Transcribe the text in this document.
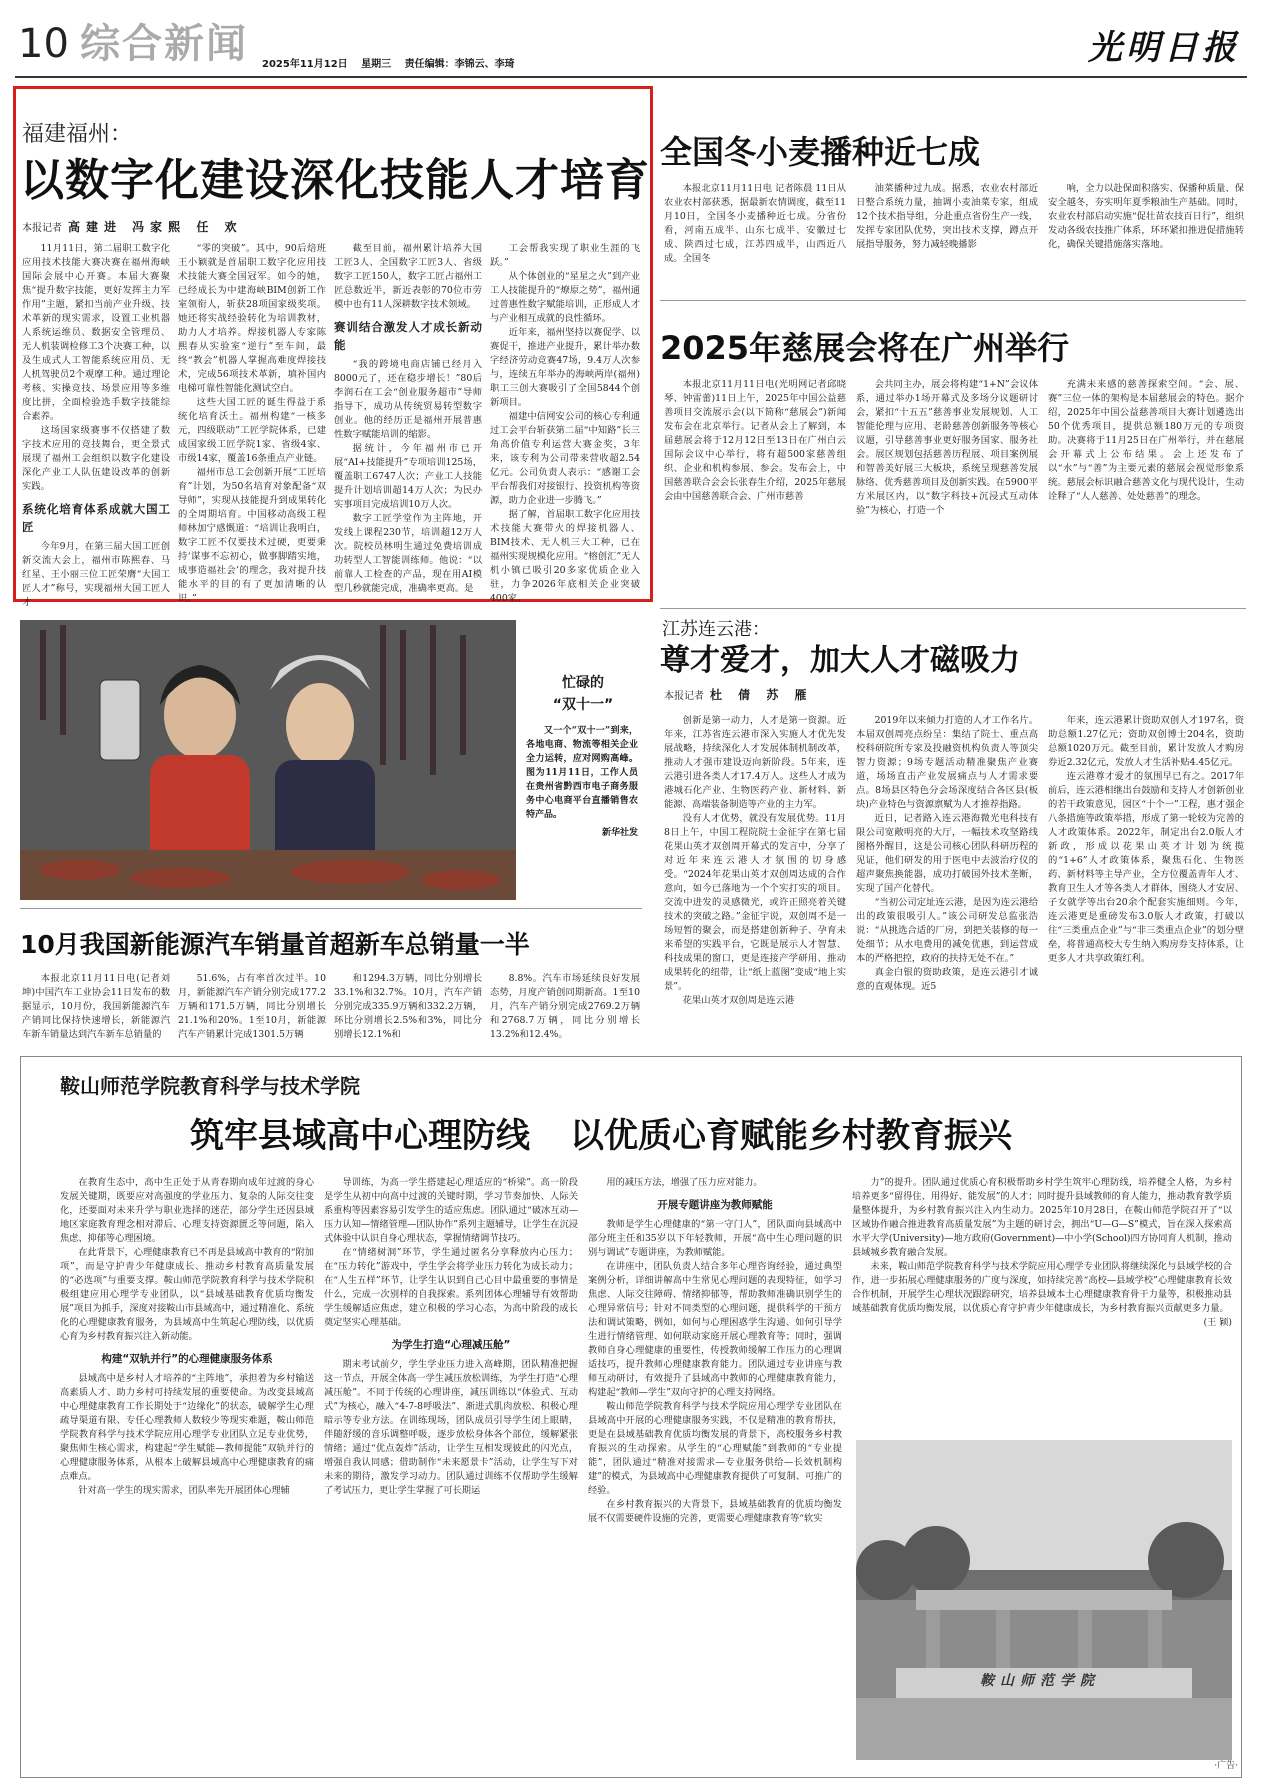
10 综合新闻 2025年11月12日 星期三 责任编辑：李锦云、李琦	光明日报
福建福州：
以数字化建设深化技能人才培育
本报记者 高建进 冯家熙 任 欢

11月11日，第二届职工数字化应用技术技能大赛决赛在福州海峡国际会展中心开赛。本届大赛聚焦“提升数字技能，更好发挥主力军作用”主题，紧扣当前产业升级、技术革新的现实需求，设置工业机器人系统运维员、数据安全管理员、无人机装调检修工3个决赛工种，以及生成式人工智能系统应用员、无人机驾驶员2个观摩工种。通过理论考核、实操竞技、场景应用等多维度比拼，全面检验选手数字技能综合素养。

这场国家级赛事不仅搭建了数字技术应用的竞技舞台，更全景式展现了福州工会组织以数字化建设深化产业工人队伍建设改革的创新实践。

系统化培育体系成就大国工匠

今年9月，在第三届大国工匠创新交流大会上，福州市陈熙春、马红星、王小丽三位工匠荣膺“大国工匠人才”称号，实现福州大国工匠人才

“零的突破”。其中，90后焙班王小颖就是首届职工数字化应用技术技能大赛全国冠军。如今的她，已经成长为中建海峡BIM创新工作室领衔人，斩获28项国家级奖项。她还将实战经验转化为培训教材，助力人才培养。焊接机器人专家陈熙春从实验室“逆行”至车间，最终“教会”机器人掌握高难度焊接技术，完成56项技术革新，填补国内电梯可靠性智能化测试空白。

这些大国工匠的诞生得益于系统化培育沃土。福州构建“一核多元，四级联动”工匠学院体系，已建成国家级工匠学院1家、省级4家、市级14家，覆盖16条重点产业链。

福州市总工会创新开展“工匠培育”计划，为50名培育对象配备“双导师”，实现从技能提升到成果转化的全周期培育。中国移动高级工程师林加宁感慨道：“培训让我明白，数字工匠不仅要技术过硬，更要秉持‘谋事不忘初心，做事脚踏实地，成事造福社会’的理念，我对提升技能水平的目的有了更加清晰的认识。”

截至目前，福州累计培养大国工匠3人、全国数字工匠3人、省级数字工匠150人，数字工匠占福州工匠总数近半，新近表彰的70位市劳模中也有11人深耕数字技术领域。

赛训结合激发人才成长新动能

“我的跨境电商店铺已经月入8000元了，还在稳步增长！”80后李润石在工会“创业服务超市”导师指导下，成功从传统贸易转型数字创业。他的经历正是福州开展普惠性数字赋能培训的缩影。

据统计，今年福州市已开展“AI+技能提升”专项培训125场，覆盖职工6747人次；产业工人技能提升计划培训超14万人次；为民办实事项目完成培训10万人次。

数字工匠学堂作为主阵地，开发线上课程230节，培训超12万人次。院校员林明生通过免费培训成功转型人工智能训练师。他说：“以前靠人工检查的产品，现在用AI模型几秒就能完成，准确率更高。是

工会帮我实现了职业生涯的飞跃。”

从个体创业的“星星之火”到产业工人技能提升的“燎原之势”，福州通过普惠性数字赋能培训，正形成人才与产业相互成就的良性循环。

近年来，福州坚持以赛促学、以赛促干，推进产业提升，累计举办数字经济劳动竞赛47场，9.4万人次参与，连续五年举办的海峡两岸(福州)职工三创大赛吸引了全国5844个创新项目。

福建中信网安公司的核心专利通过工会平台斩获第二届“中知路”长三角高价值专利运营大赛金奖，3年来，该专利为公司带来营收超2.54亿元。公司负责人表示：“感谢工会平台帮我们对接银行、投资机构等资源，助力企业进一步腾飞。”

据了解，首届职工数字化应用技术技能大赛带火的焊接机器人、BIM技术、无人机三大工种，已在福州实现规模化应用。“榕创汇”无人机小镇已吸引20多家优质企业入驻，力争2026年底相关企业突破400家。

全国冬小麦播种近七成

本报北京11月11日电 记者陈晨 11日从农业农村部获悉，据最新农情调度，截至11月10日，全国冬小麦播种近七成。分省份看，河南五成半、山东七成半、安徽过七成、陕西过七成，江苏四成半，山西近八成。全国冬

油菜播种过九成。据悉，农业农村部近日整合系统力量，抽调小麦油菜专家，组成12个技术指导组，分赴重点省份生产一线，发挥专家团队优势，突出技术支撑，蹲点开展指导服务，努力减轻晚播影

响，全力以赴保面积落实、保播种质量、保安全越冬，夯实明年夏季粮油生产基础。同时，农业农村部启动实施“促壮苗农技百日行”，组织发动各级农技推广体系，环环紧扣推进促措施转化，确保关键措施落实落地。

2025年慈展会将在广州举行

本报北京11月11日电(光明网记者邱晓琴、钟雷蕾)11日上午，2025年中国公益慈善项目交流展示会(以下简称“慈展会”)新闻发布会在北京举行。记者从会上了解到，本届慈展会将于12月12日至13日在广州白云国际会议中心举行，将有超500家慈善组织、企业和机构参展、参会。发布会上，中国慈善联合会会长张春生介绍，2025年慈展会由中国慈善联合会、广州市慈善

会共同主办，展会将构建“1+N”会议体系，通过举办1场开幕式及多场分议题研讨会，紧扣“十五五”慈善事业发展规划、人工智能伦理与应用、老龄慈善创新服务等核心议题，引导慈善事业更好服务国家、服务社会。展区规划包括慈善历程展、项目案例展和智善美好展三大板块，系统呈现慈善发展脉络、优秀慈善项目及创新实践。在5900平方米展区内，以“数字科技+沉浸式互动体验”为核心，打造一个

充满未来感的慈善探索空间。“会、展、赛”三位一体的架构是本届慈展会的特色。据介绍，2025年中国公益慈善项目大赛计划遴选出50个优秀项目，提供总额180万元的专项资助。决赛将于11月25日在广州举行，并在慈展会开幕式上公布结果。会上还发布了以“水”与“善”为主要元素的慈展会视觉形象系统。慈展会标识融合慈善文化与现代设计，生动诠释了“人人慈善、处处慈善”的理念。

忙碌的
“双十一”

又一个“双十一”到来，各地电商、物流等相关企业全力运转，应对网购高峰。图为11月11日，工作人员在贵州省黔西市电子商务服务中心电商平台直播销售农特产品。

新华社发
江苏连云港：
尊才爱才，加大人才磁吸力
本报记者 杜 倩 苏 雁

创新是第一动力，人才是第一资源。近年来，江苏省连云港市深入实施人才优先发展战略，持续深化人才发展体制机制改革，推动人才强市建设迈向新阶段。5年来，连云港引进各类人才17.4万人。这些人才成为港城石化产业、生物医药产业、新材料、新能源、高端装备制造等产业的主力军。

没有人才优势，就没有发展优势。11月8日上午，中国工程院院士金征宇在第七届花果山英才双创周开幕式的发言中，分享了对近年来连云港人才氛围的切身感受。“2024年花果山英才双创周达成的合作意向，如今已落地为一个个实打实的项目。交流中进发的灵感微光，或许正照亮着关键技术的突破之路。”金征宇说，双创周不是一场短暂的聚会，而是搭建创新种子、孕育未来希望的实践平台，它既是展示人才智慧、科技成果的窗口，更是连接产学研用、推动成果转化的纽带，让“纸上蓝图”变成“地上实景”。

花果山英才双创周是连云港

2019年以来倾力打造的人才工作名片。本届双创周亮点纷呈：集结了院士、重点高校科研院所专家及投融资机构负责人等顶尖智力资源；9场专题活动精准聚焦产业赛道，场场直击产业发展痛点与人才需求要点。8场县区特色分会场深度结合各区县(板块)产业特色与资源禀赋为人才推荐指路。

近日，记者路入连云港海微光电科技有限公司宽敞明亮的大厅，一幅技术攻坚路线图格外醒目，这是公司核心团队科研历程的见证，他们研发的用于医电中去波治疗仪的超声聚焦换能器，成功打破国外技术垄断，实现了国产化替代。

“当初公司定址连云港，是因为连云港给出的政策很吸引人。”该公司研发总监张浩说：“从挑选合适的厂房，到把关装修的每一处细节；从水电费用的减免优惠，到运营成本的严格把控，政府的扶持无处不在。”

真金白银的资助政策，是连云港引才诚意的直观体现。近5

年来，连云港累计资助双创人才197名，资助总额1.27亿元；资助双创博士204名，资助总额1020万元。截至目前，累计发放人才购房券近2.32亿元，发放人才生活补贴4.45亿元。

连云港尊才爱才的氛围早已有之。2017年前后，连云港相继出台鼓励和支持人才创新创业的若干政策意见，园区“十个一”工程，惠才强企八条措施等政策举措，形成了第一轮较为完善的人才政策体系。2022年，制定出台2.0版人才新政，形成以花果山英才计划为统揽的“1+6”人才政策体系，聚焦石化、生物医药、新材料等主导产业，全方位覆盖青年人才、教育卫生人才等各类人才群体，围绕人才安居、子女就学等出台20余个配套实施细则。今年，连云港更是重磅发布3.0版人才政策，打破以往“三类重点企业”与“非三类重点企业”的划分壁垒，将普通高校大专生纳入购房券支持体系，让更多人才共享政策红利。

10月我国新能源汽车销量首超新车总销量一半

本报北京11月11日电(记者刘坤)中国汽车工业协会11日发布的数据显示，10月份，我国新能源汽车产销同比保持快速增长，新能源汽车新车销量达到汽车新车总销量的

51.6%，占有率首次过半。10月，新能源汽车产销分别完成177.2万辆和171.5万辆，同比分别增长21.1%和20%。1至10月，新能源汽车产销累计完成1301.5万辆

和1294.3万辆，同比分别增长33.1%和32.7%。10月，汽车产销分别完成335.9万辆和332.2万辆，环比分别增长2.5%和3%，同比分别增长12.1%和

8.8%。汽车市场延续良好发展态势，月度产销创同期新高。1至10月，汽车产销分别完成2769.2万辆和2768.7万辆，同比分别增长13.2%和12.4%。

鞍山师范学院教育科学与技术学院
筑牢县域高中心理防线 以优质心育赋能乡村教育振兴

在教育生态中，高中生正处于从青春期向成年过渡的身心发展关键期，既要应对高强度的学业压力、复杂的人际交往变化，还要面对未来升学与职业选择的迷茫，部分学生还因县域地区家庭教育理念相对滞后、心理支持资源匮乏等问题，陷入焦虑、抑郁等心理困境。

在此背景下，心理健康教育已不再是县域高中教育的“附加项”，而是守护青少年健康成长、推动乡村教育高质量发展的“必选项”与重要支撑。鞍山师范学院教育科学与技术学院积极组建应用心理学专业团队，以“县域基础教育优质均衡发展”项目为抓手，深度对接鞍山市县域高中，通过精准化、系统化的心理健康教育服务，为县域高中生筑起心理防线，以优质心育为乡村教育振兴注入新动能。

构建“双轨并行”的心理健康服务体系

县域高中是乡村人才培养的“主阵地”，承担着为乡村输送高素质人才、助力乡村可持续发展的重要使命。为改变县域高中心理健康教育工作长期处于“边缘化”的状态，破解学生心理疏导渠道有限、专任心理教师人数较少等现实难题，鞍山师范学院教育科学与技术学院应用心理学专业团队立足专业优势，聚焦师生核心需求，构建起“学生赋能—教师提能”双轨并行的心理健康服务体系，从根本上破解县域高中心理健康教育的痛点难点。

针对高一学生的现实需求，团队率先开展团体心理辅

导训练，为高一学生搭建起心理适应的“桥梁”。高一阶段是学生从初中向高中过渡的关键时期，学习节奏加快、人际关系重构等因素容易引发学生的适应焦虑。团队通过“破冰互动—压力认知—情绪管理—团队协作”系列主题辅导，让学生在沉浸式体验中认识自身心理状态，掌握情绪调节技巧。

在“情绪树洞”环节，学生通过匿名分享释放内心压力；在“压力转化”游戏中，学生学会将学业压力转化为成长动力；在“人生五样”环节，让学生认识到自己心目中最重要的事情是什么，完成一次别样的自我探索。系列团体心理辅导有效帮助学生缓解适应焦虑，建立积极的学习心态，为高中阶段的成长奠定坚实心理基础。

为学生打造“心理减压舱”

期末考试前夕，学生学业压力进入高峰期，团队精准把握这一节点，开展全体高一学生减压放松训练，为学生打造“心理减压舱”。不同于传统的心理讲座，减压训练以“体验式、互动式”为核心，融入“4-7-8呼吸法”、渐进式肌肉放松、积极心理暗示等专业方法。在训练现场，团队成员引导学生闭上眼睛，伴随舒缓的音乐调整呼吸，逐步放松身体各个部位，缓解紧张情绪；通过“优点轰炸”活动，让学生互相发现彼此的闪光点，增强自我认同感；借助制作“未来愿景卡”活动，让学生写下对未来的期待，激发学习动力。团队通过训练不仅帮助学生缓解了考试压力，更让学生掌握了可长期运

用的减压方法，增强了压力应对能力。

开展专题讲座为教师赋能

教师是学生心理健康的“第一守门人”，团队面向县域高中部分班主任和35岁以下年轻教师，开展“高中生心理问题的识别与调试”专题讲座，为教师赋能。

在讲座中，团队负责人结合多年心理咨询经验，通过典型案例分析，详细讲解高中生常见心理问题的表现特征，如学习焦虑、人际交往障碍、情绪抑郁等，帮助教师准确识别学生的心理异常信号；针对不同类型的心理问题，提供科学的干预方法和调试策略，例如，如何与心理困惑学生沟通、如何引导学生进行情绪管理、如何联动家庭开展心理教育等；同时，强调教师自身心理健康的重要性，传授教师缓解工作压力的心理调适技巧，提升教师心理健康教育能力。团队通过专业讲座与教师互动研讨，有效提升了县域高中教师的心理健康教育能力，构建起“教师—学生”双向守护的心理支持网络。

鞍山师范学院教育科学与技术学院应用心理学专业团队在县域高中开展的心理健康服务实践，不仅是精准的教育帮扶，更是在县域基础教育优质均衡发展的背景下，高校服务乡村教育振兴的生动探索。从学生的“心理赋能”到教师的“专业提能”，团队通过“精准对接需求—专业服务供给—长效机制构建”的模式，为县域高中心理健康教育提供了可复制、可推广的经验。

在乡村教育振兴的大背景下，县域基础教育的优质均衡发展不仅需要硬件设施的完善，更需要心理健康教育等“软实

力”的提升。团队通过优质心育积极帮助乡村学生筑牢心理防线，培养健全人格，为乡村培养更多“留得住、用得好、能发展”的人才；同时提升县域教师的育人能力，推动教育教学质量整体提升，为乡村教育振兴注入内生动力。2025年10月28日，在鞍山师范学院召开了“以区域协作融合推进教育高质量发展”为主题的研讨会，拥出“U—G—S”模式，旨在深入探索高水平大学(University)—地方政府(Government)—中小学(School)四方协同育人机制，推动县域城乡教育融合发展。

未来，鞍山师范学院教育科学与技术学院应用心理学专业团队将继续深化与县域学校的合作，进一步拓展心理健康服务的广度与深度，如持续完善“高校—县域学校”心理健康教育长效合作机制，开展学生心理状况跟踪研究，培养县域本土心理健康教育骨干力量等，积极推动县域基础教育优质均衡发展，以优质心育守护青少年健康成长，为乡村教育振兴贡献更多力量。

(王 颖)
鞍山师范学院
·广告·
